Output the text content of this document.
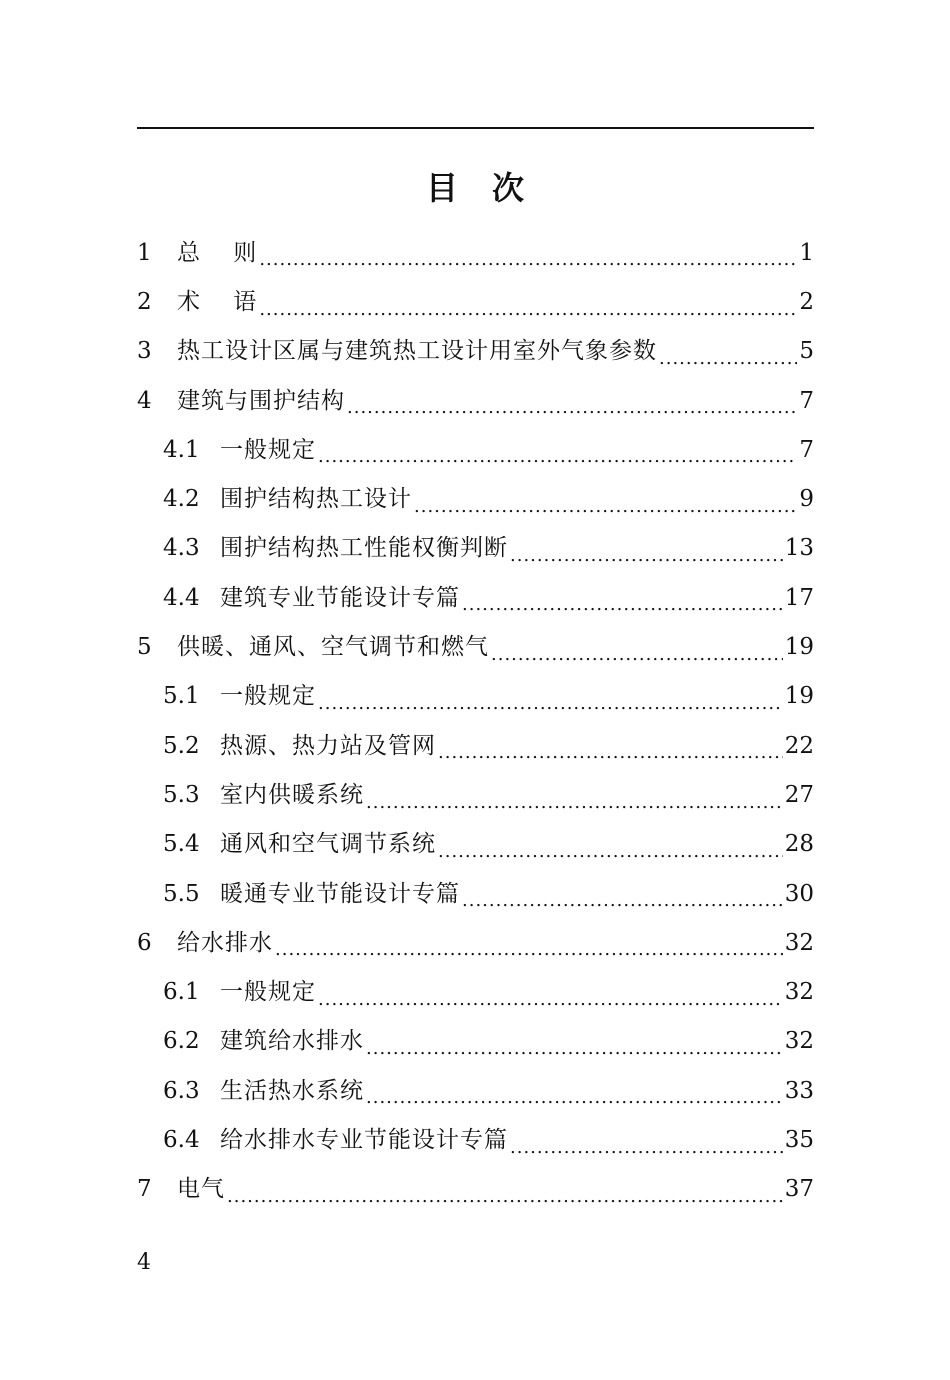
目 次
1	总　 则 .....	1
2	术　 语 .....	2
3	热工设计区属与建筑热工设计用室外气象参数 .....	5
4	建筑与围护结构 .....	7
4.1 一般规定 .....	7
4.2 围护结构热工设计 .....	9
4.3 围护结构热工性能权衡判断 .....	13
4.4 建筑专业节能设计专篇 .....	17
5	供暖、通风、空气调节和燃气 .....	19
5.1 一般规定 .....	19
5.2 热源、热力站及管网 .....	22
5.3 室内供暖系统 .....	27
5.4 通风和空气调节系统 .....	28
5.5 暖通专业节能设计专篇 .....	30
6	给水排水 .....	32
6.1 一般规定 .....	32
6.2 建筑给水排水 .....	32
6.3 生活热水系统 .....	33
6.4 给水排水专业节能设计专篇 .....	35
7	电气 .....	37
4
